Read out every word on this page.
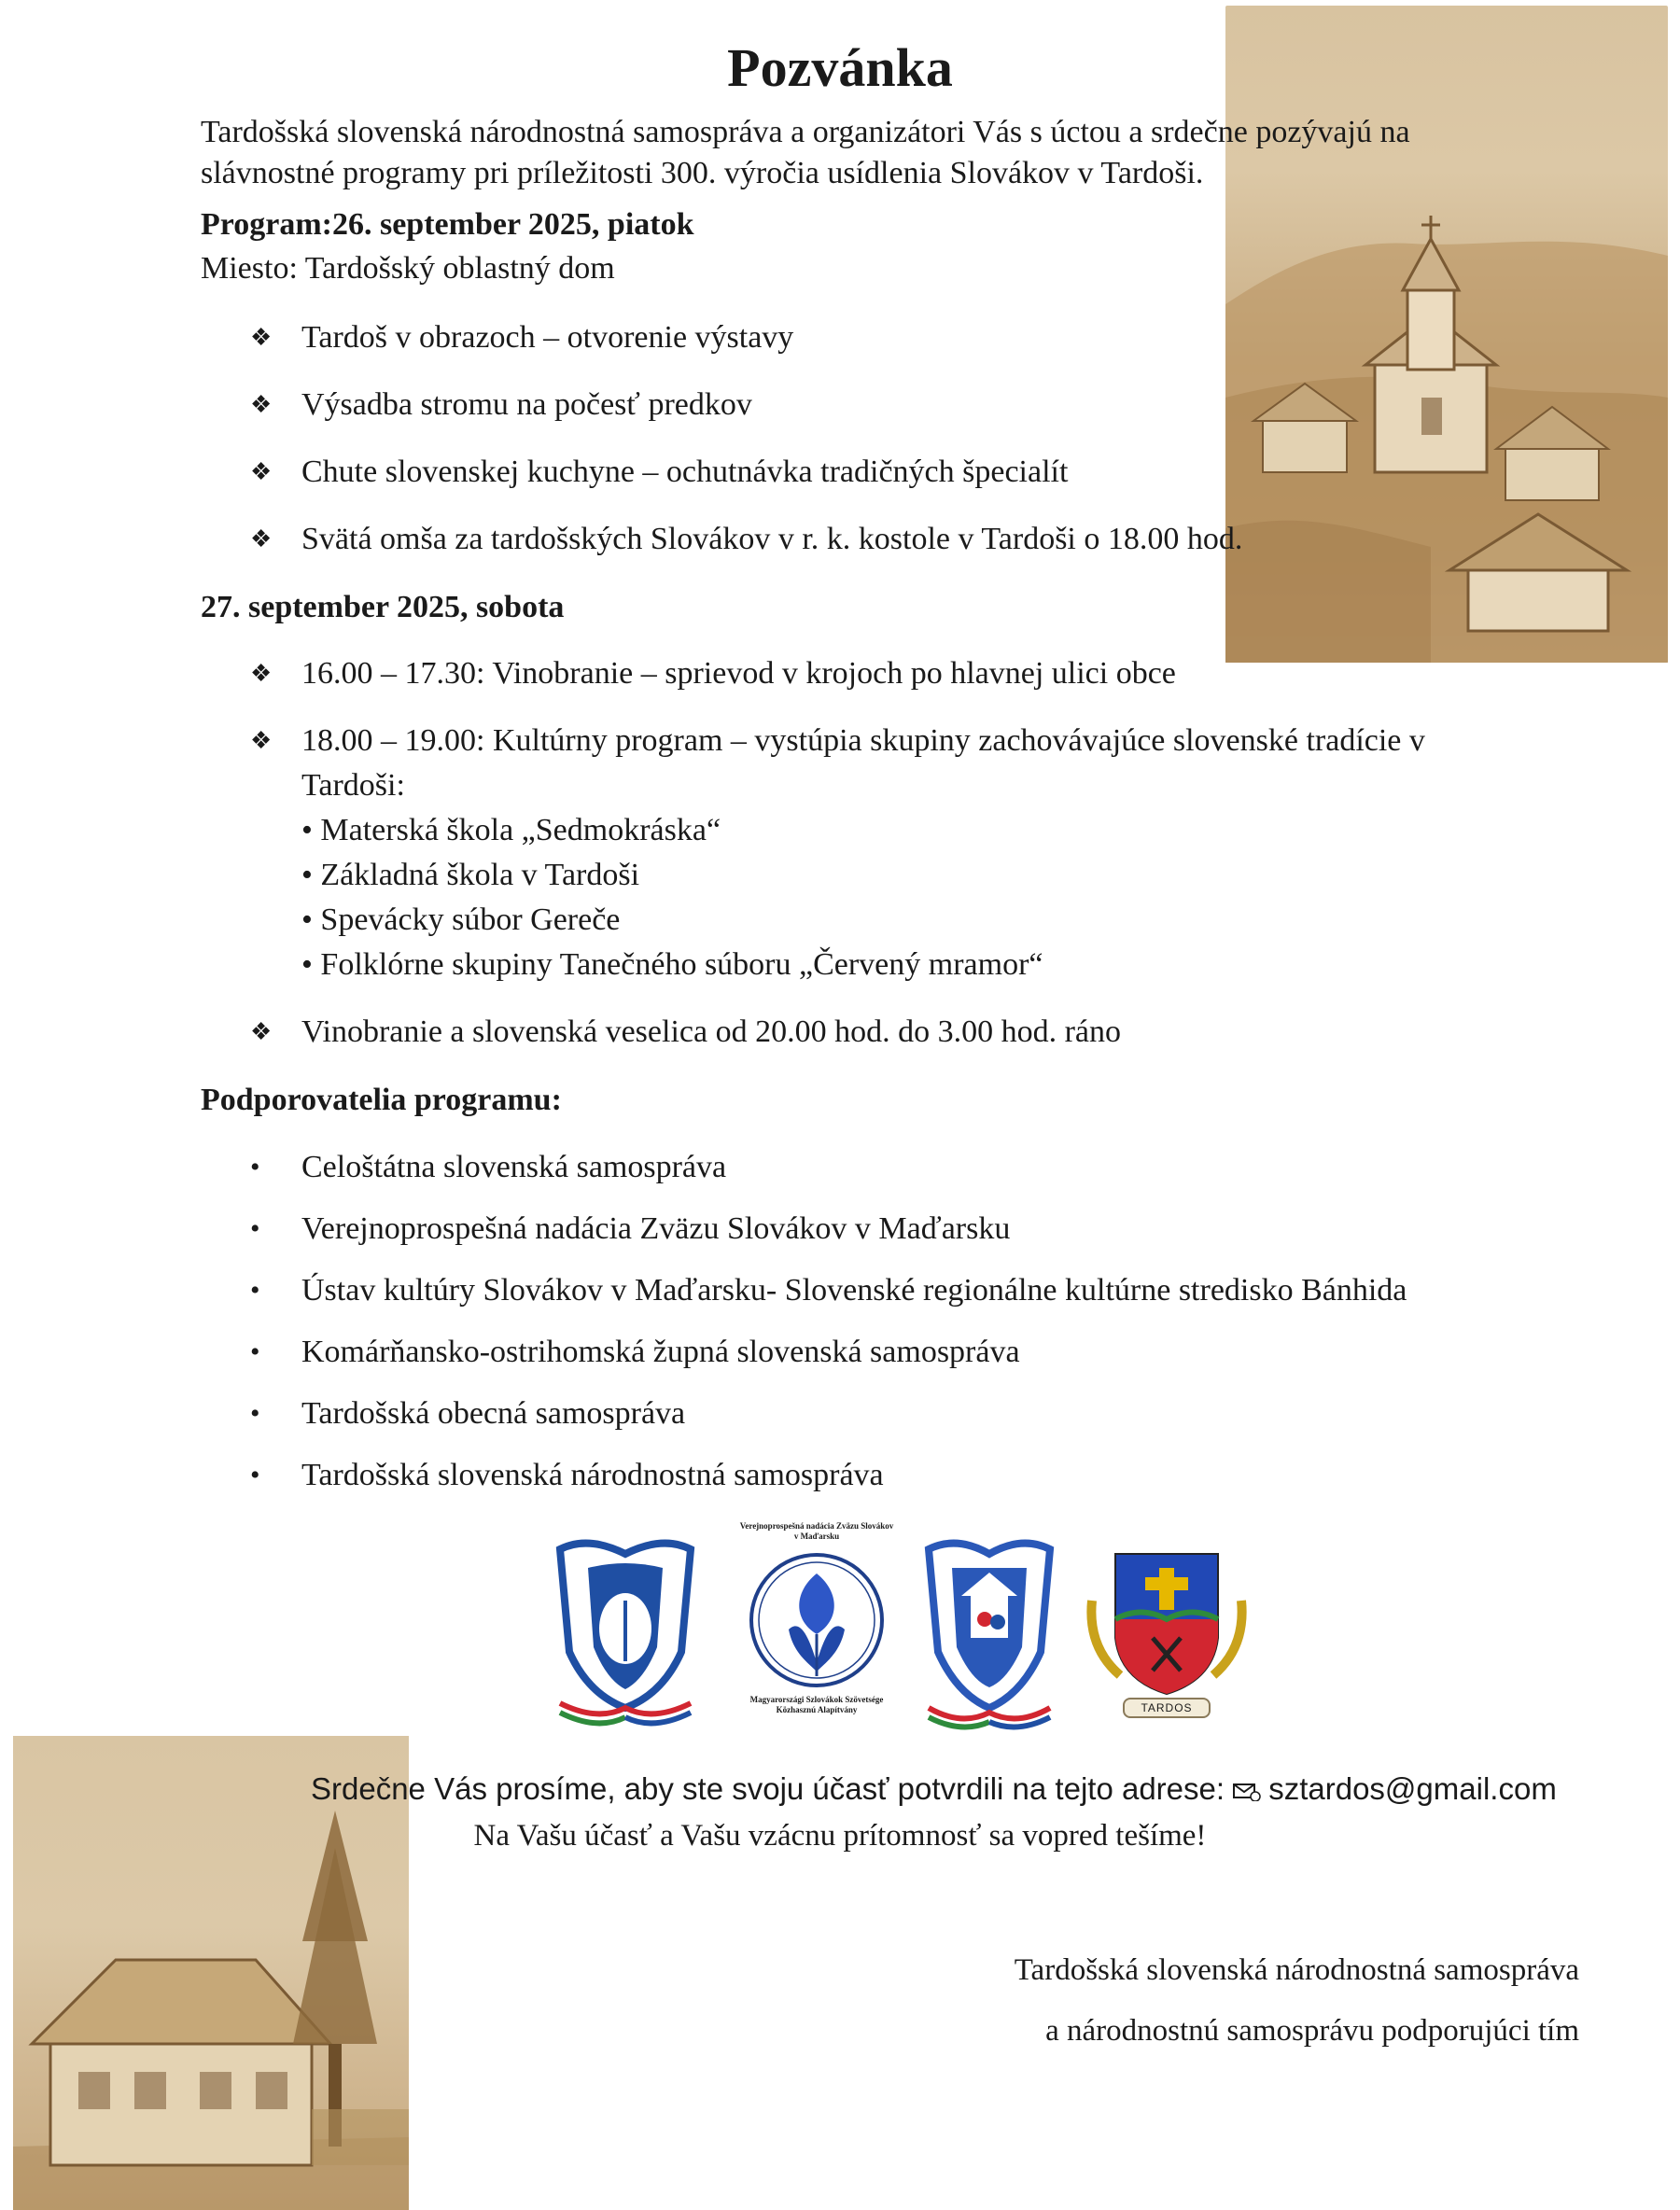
Pozvánka
Tardošská slovenská národnostná samospráva a organizátori Vás s úctou a srdečne pozývajú na
slávnostné programy pri príležitosti 300. výročia usídlenia Slovákov v Tardoši.
Program:26. september 2025, piatok
Miesto: Tardošský oblastný dom
❖ Tardoš v obrazoch – otvorenie výstavy
❖ Výsadba stromu na počesť predkov
❖ Chute slovenskej kuchyne – ochutnávka tradičných špecialít
❖ Svätá omša za tardošských Slovákov v r. k. kostole v Tardoši o 18.00 hod.
27. september 2025, sobota
❖ 16.00 – 17.30: Vinobranie – sprievod v krojoch po hlavnej ulici obce
❖ 18.00 – 19.00: Kultúrny program – vystúpia skupiny zachovávajúce slovenské tradície v
Tardoši:
• Materská škola „Sedmokráska“
• Základná škola v Tardoši
• Spevácky súbor Gereče
• Folklórne skupiny Tanečného súboru „Červený mramor“
❖ Vinobranie a slovenská veselica od 20.00 hod. do 3.00 hod. ráno
Podporovatelia programu:
• Celoštátna slovenská samospráva
• Verejnoprospešná nadácia Zväzu Slovákov v Maďarsku
• Ústav kultúry Slovákov v Maďarsku- Slovenské regionálne kultúrne stredisko Bánhida
• Komárňansko-ostrihomská župná slovenská samospráva
• Tardošská obecná samospráva
• Tardošská slovenská národnostná samospráva
Verejnoprospešná nadácia Zväzu Slovákov v Maďarsku
Magyarországi Szlovákok Szövetsége Közhasznú Alapítvány	TARDOS
Srdečne Vás prosíme, aby ste svoju účasť potvrdili na tejto adrese: sztardos@gmail.com
Na Vašu účasť a Vašu vzácnu prítomnosť sa vopred tešíme!
Tardošská slovenská národnostná samospráva
a národnostnú samosprávu podporujúci tím
